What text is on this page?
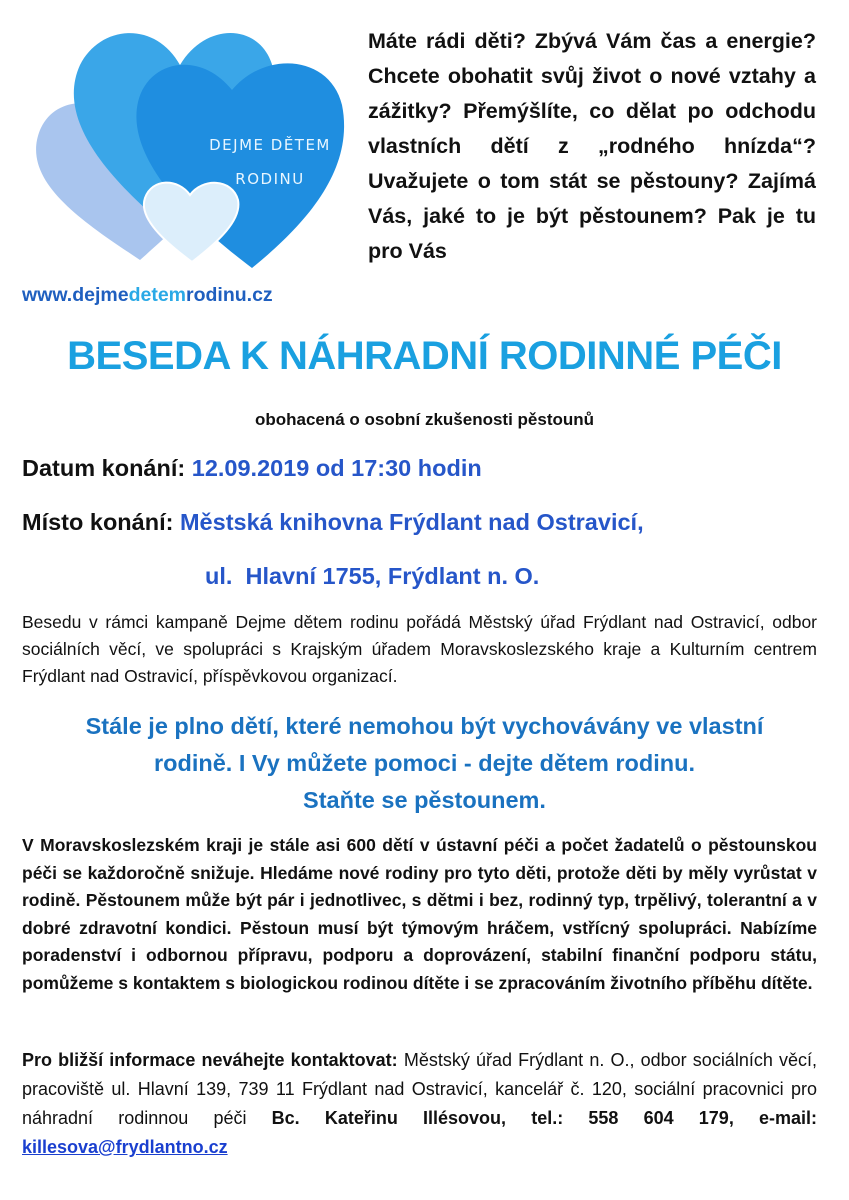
DEJME DĚTEM
RODINU
Máte rádi děti? Zbývá Vám čas a energie? Chcete obohatit svůj život o nové vztahy a zážitky? Přemýšlíte, co dělat po odchodu vlastních dětí z „rodného hnízda“? Uvažujete o tom stát se pěstouny? Zajímá Vás, jaké to je být pěstounem? Pak je tu pro Vás
www.dejmedetemrodinu.cz
BESEDA K NÁHRADNÍ RODINNÉ PÉČI
obohacená o osobní zkušenosti pěstounů
Datum konání: 12.09.2019 od 17:30 hodin
Místo konání: Městská knihovna Frýdlant nad Ostravicí,
ul.  Hlavní 1755, Frýdlant n. O.
Besedu v rámci kampaně Dejme dětem rodinu pořádá Městský úřad Frýdlant nad Ostravicí, odbor sociálních věcí, ve spolupráci s Krajským úřadem Moravskoslezského kraje a Kulturním centrem Frýdlant nad Ostravicí, příspěvkovou organizací.
Stále je plno dětí, které nemohou být vychovávány ve vlastní
rodině. I Vy můžete pomoci - dejte dětem rodinu.
Staňte se pěstounem.
V Moravskoslezském kraji je stále asi 600 dětí v ústavní péči a počet žadatelů o pěstounskou péči se každoročně snižuje. Hledáme nové rodiny pro tyto děti, protože děti by měly vyrůstat v rodině. Pěstounem může být pár i jednotlivec, s dětmi i bez, rodinný typ, trpělivý, tolerantní a v dobré zdravotní kondici. Pěstoun musí být týmovým hráčem, vstřícný spolupráci. Nabízíme poradenství i odbornou přípravu, podporu a doprovázení, stabilní finanční podporu státu, pomůžeme s kontaktem s biologickou rodinou dítěte i se zpracováním životního příběhu dítěte.
Pro bližší informace neváhejte kontaktovat: Městský úřad Frýdlant n. O., odbor sociálních věcí, pracoviště ul. Hlavní 139, 739 11 Frýdlant nad Ostravicí, kancelář č. 120, sociální pracovnici pro náhradní rodinnou péči Bc. Kateřinu Illésovou, tel.: 558 604 179, e-mail: killesova@frydlantno.cz
